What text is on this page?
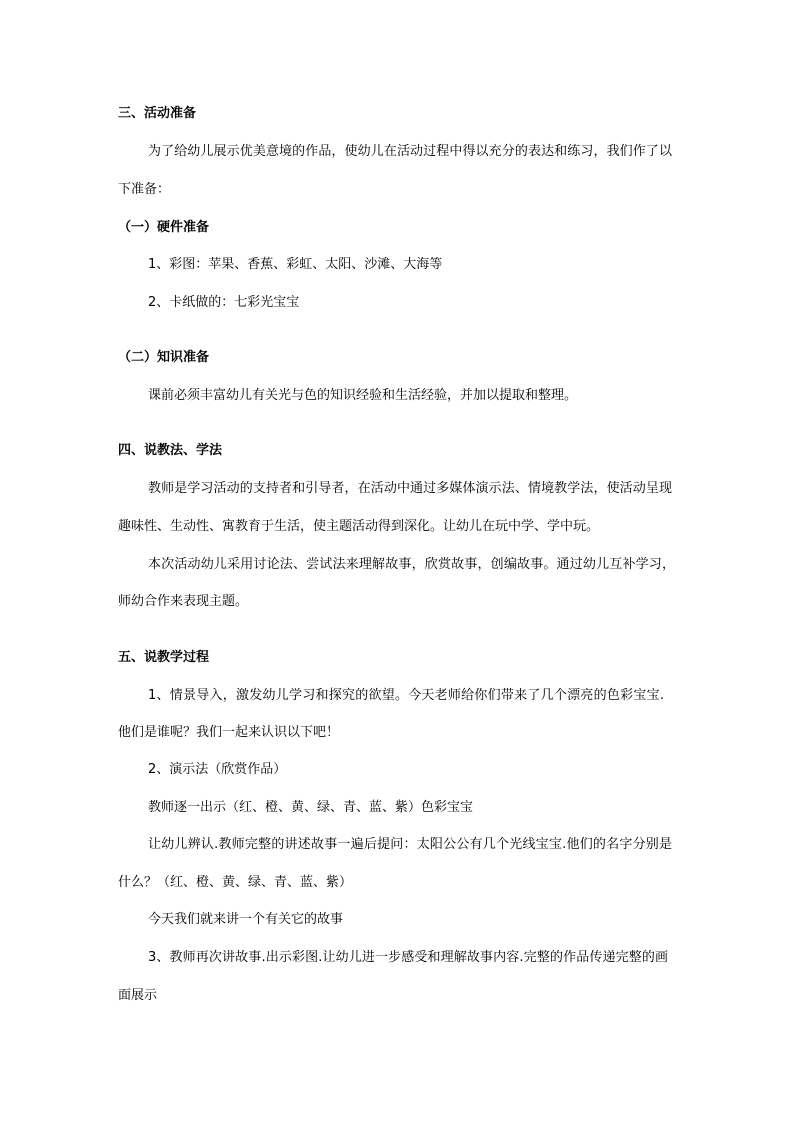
三、活动准备
为了给幼儿展示优美意境的作品，使幼儿在活动过程中得以充分的表达和练习，我们作了以
下准备：
（一）硬件准备
1、彩图：苹果、香蕉、彩虹、太阳、沙滩、大海等
2、卡纸做的：七彩光宝宝
（二）知识准备
课前必须丰富幼儿有关光与色的知识经验和生活经验，并加以提取和整理。
四、说教法、学法
教师是学习活动的支持者和引导者，在活动中通过多媒体演示法、情境教学法，使活动呈现
趣味性、生动性、寓教育于生活，使主题活动得到深化。让幼儿在玩中学、学中玩。
本次活动幼儿采用讨论法、尝试法来理解故事，欣赏故事，创编故事。通过幼儿互补学习，
师幼合作来表现主题。
五、说教学过程
1、情景导入，激发幼儿学习和探究的欲望。今天老师给你们带来了几个漂亮的色彩宝宝.
他们是谁呢？我们一起来认识以下吧！
2、演示法（欣赏作品）
教师逐一出示（红、橙、黄、绿、青、蓝、紫）色彩宝宝
让幼儿辨认.教师完整的讲述故事一遍后提问：太阳公公有几个光线宝宝.他们的名字分别是
什么？（红、橙、黄、绿、青、蓝、紫）
今天我们就来讲一个有关它的故事
3、教师再次讲故事.出示彩图.让幼儿进一步感受和理解故事内容.完整的作品传递完整的画
面展示
